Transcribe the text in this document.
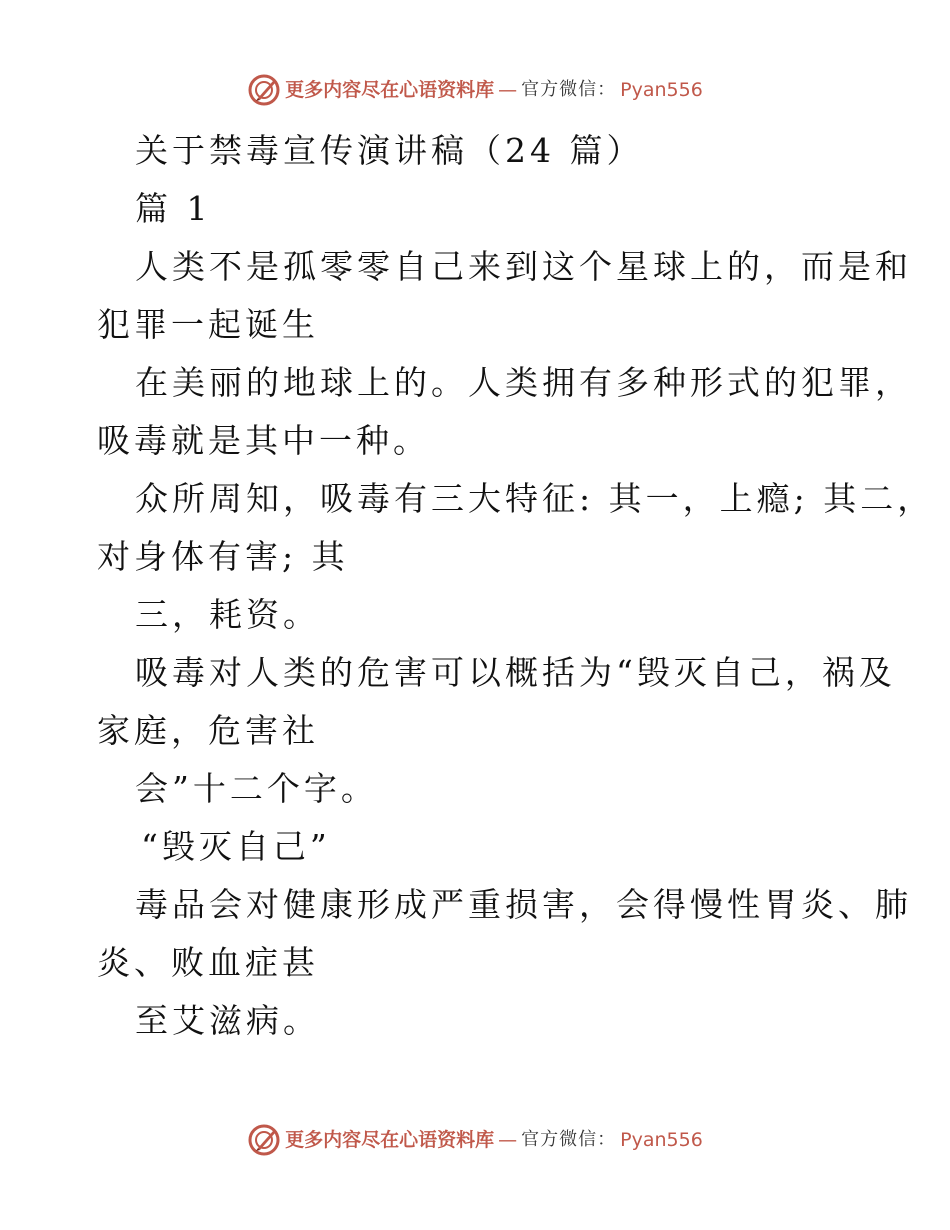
更多内容尽在心语资料库 — 官方微信： Pyan556
关于禁毒宣传演讲稿（24 篇）
篇 1
人类不是孤零零自己来到这个星球上的，而是和
犯罪一起诞生
在美丽的地球上的。人类拥有多种形式的犯罪，
吸毒就是其中一种。
众所周知，吸毒有三大特征: 其一，上瘾; 其二，
对身体有害; 其
三，耗资。
吸毒对人类的危害可以概括为“毁灭自己，祸及
家庭，危害社
会”十二个字。
“毁灭自己”
毒品会对健康形成严重损害，会得慢性胃炎、肺
炎、败血症甚
至艾滋病。
更多内容尽在心语资料库 — 官方微信： Pyan556
